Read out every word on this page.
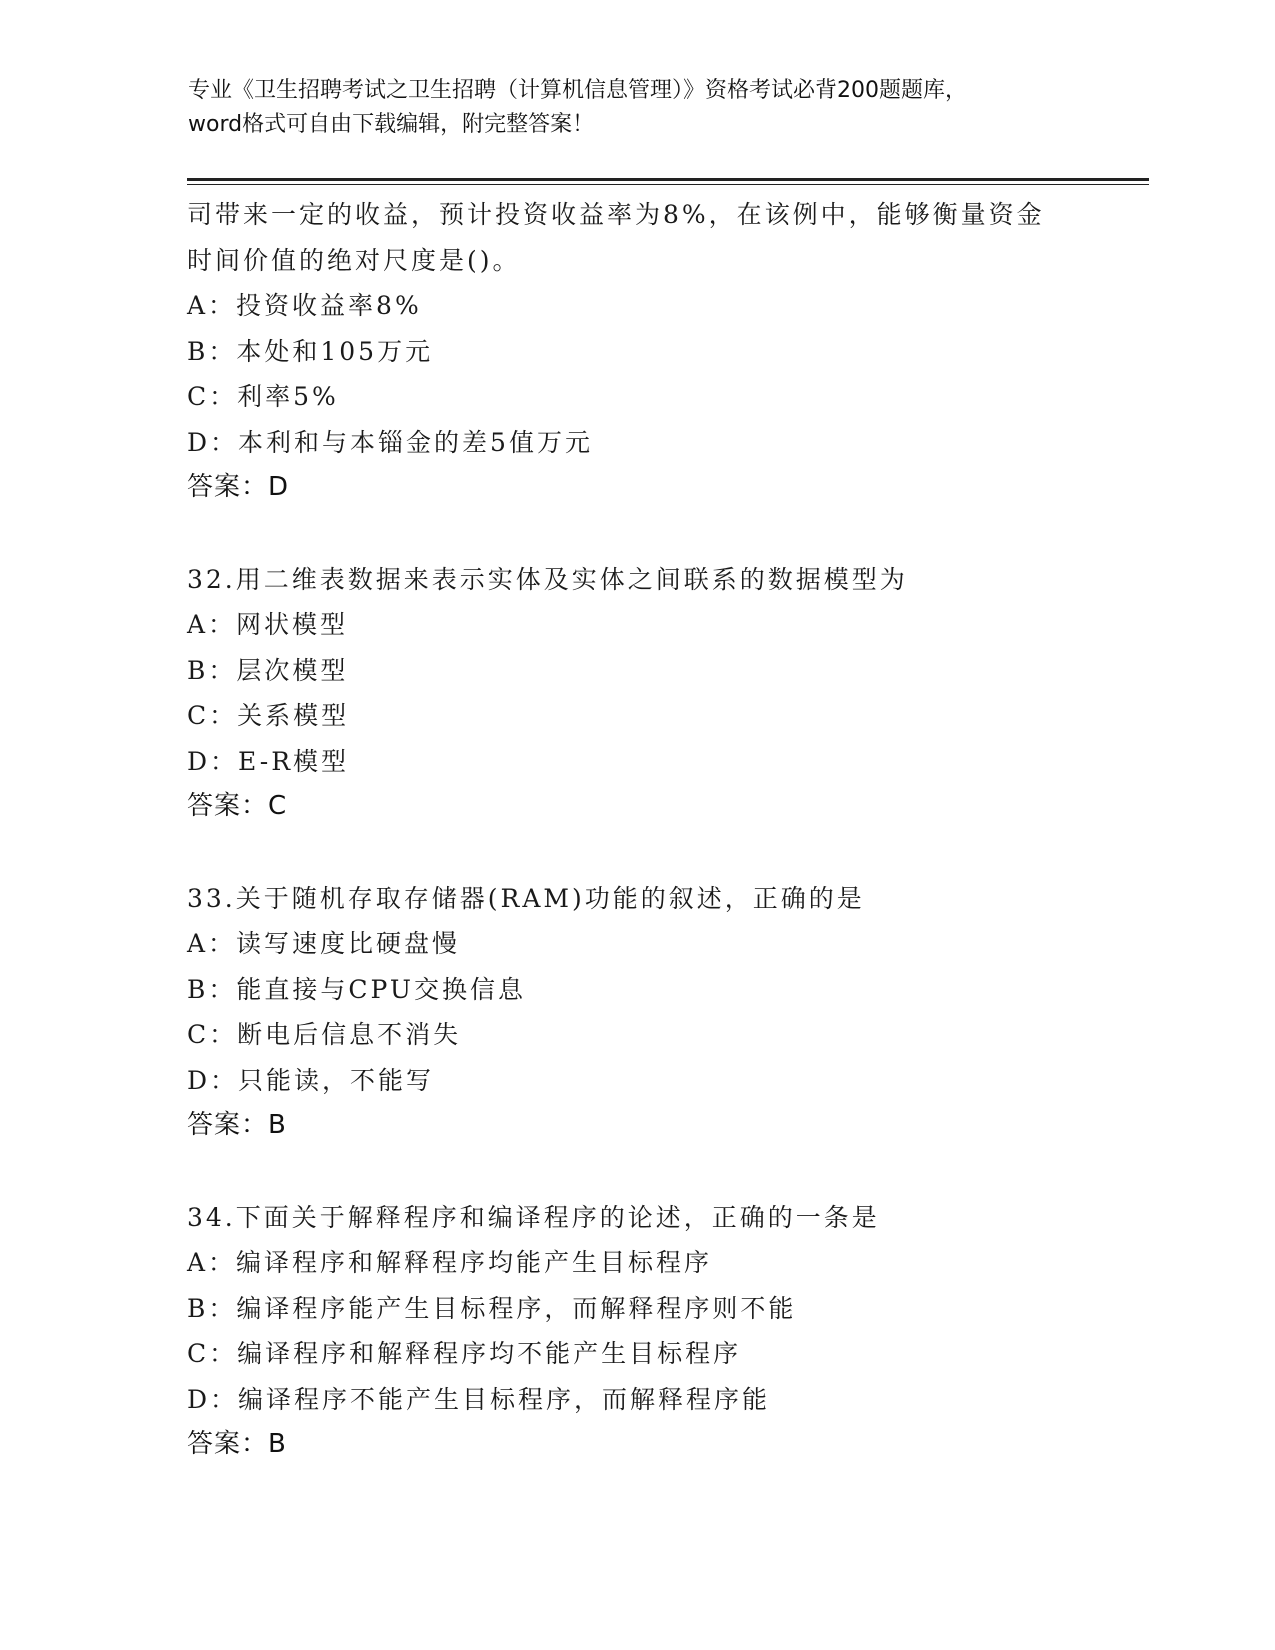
专业《卫生招聘考试之卫生招聘（计算机信息管理）》资格考试必背200题题库，
word格式可自由下载编辑，附完整答案！
司带来一定的收益，预计投资收益率为8%，在该例中，能够衡量资金
时间价值的绝对尺度是()。
A：投资收益率8%
B：本处和105万元
C：利率5%
D：本利和与本锱金的差5值万元
答案：D
32.用二维表数据来表示实体及实体之间联系的数据模型为
A：网状模型
B：层次模型
C：关系模型
D：E-R模型
答案：C
33.关于随机存取存储器(RAM)功能的叙述，正确的是
A：读写速度比硬盘慢
B：能直接与CPU交换信息
C：断电后信息不消失
D：只能读，不能写
答案：B
34.下面关于解释程序和编译程序的论述，正确的一条是
A：编译程序和解释程序均能产生目标程序
B：编译程序能产生目标程序，而解释程序则不能
C：编译程序和解释程序均不能产生目标程序
D：编译程序不能产生目标程序，而解释程序能
答案：B
